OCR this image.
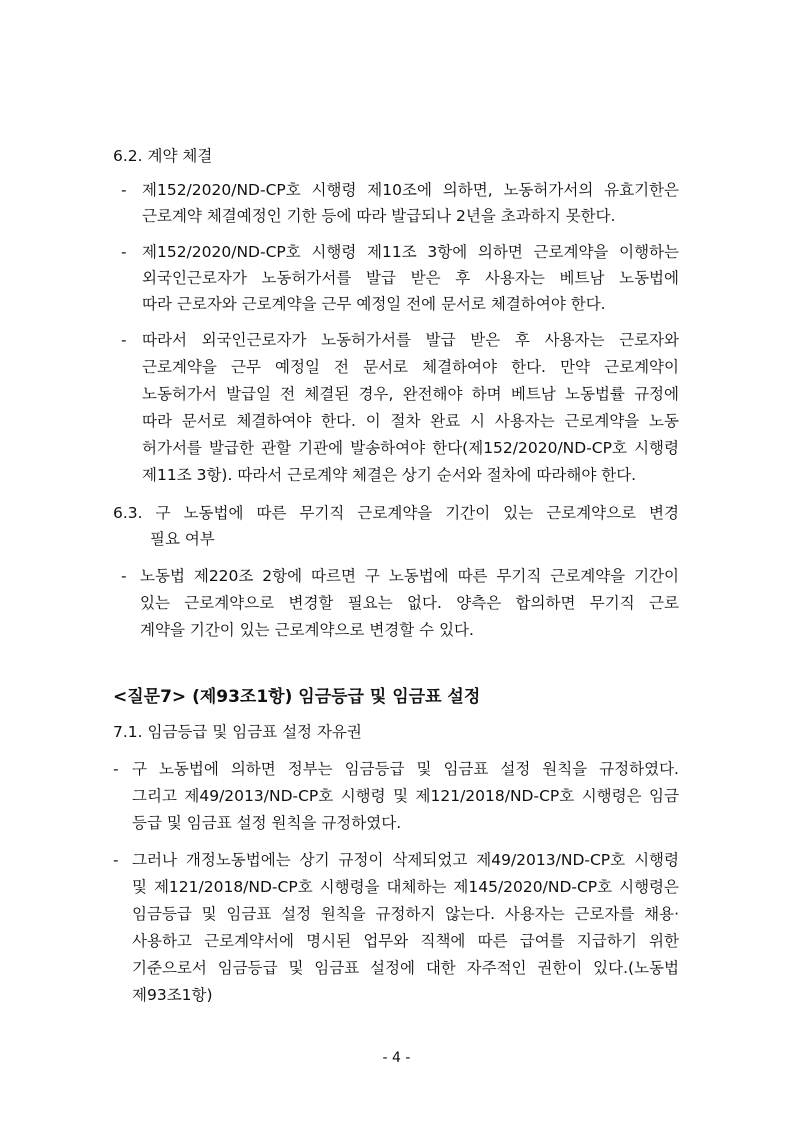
6.2. 계약 체결
- 제152/2020/ND-CP호 시행령 제10조에 의하면, 노동허가서의 유효기한은
근로계약 체결예정인 기한 등에 따라 발급되나 2년을 초과하지 못한다.
- 제152/2020/ND-CP호 시행령 제11조 3항에 의하면 근로계약을 이행하는
외국인근로자가 노동허가서를 발급 받은 후 사용자는 베트남 노동법에
따라 근로자와 근로계약을 근무 예정일 전에 문서로 체결하여야 한다.
- 따라서 외국인근로자가 노동허가서를 발급 받은 후 사용자는 근로자와
근로계약을 근무 예정일 전 문서로 체결하여야 한다. 만약 근로계약이
노동허가서 발급일 전 체결된 경우, 완전해야 하며 베트남 노동법률 규정에
따라 문서로 체결하여야 한다. 이 절차 완료 시 사용자는 근로계약을 노동
허가서를 발급한 관할 기관에 발송하여야 한다(제152/2020/ND-CP호 시행령
제11조 3항). 따라서 근로계약 체결은 상기 순서와 절차에 따라해야 한다.
6.3. 구 노동법에 따른 무기직 근로계약을 기간이 있는 근로계약으로 변경
필요 여부
- 노동법 제220조 2항에 따르면 구 노동법에 따른 무기직 근로계약을 기간이
있는 근로계약으로 변경할 필요는 없다. 양측은 합의하면 무기직 근로
계약을 기간이 있는 근로계약으로 변경할 수 있다.
<질문7> (제93조1항) 임금등급 및 임금표 설정
7.1. 임금등급 및 임금표 설정 자유권
- 구 노동법에 의하면 정부는 임금등급 및 임금표 설정 원칙을 규정하였다.
그리고 제49/2013/ND-CP호 시행령 및 제121/2018/ND-CP호 시행령은 임금
등급 및 임금표 설정 원칙을 규정하였다.
- 그러나 개정노동법에는 상기 규정이 삭제되었고 제49/2013/ND-CP호 시행령
및 제121/2018/ND-CP호 시행령을 대체하는 제145/2020/ND-CP호 시행령은
임금등급 및 임금표 설정 원칙을 규정하지 않는다. 사용자는 근로자를 채용·
사용하고 근로계약서에 명시된 업무와 직책에 따른 급여를 지급하기 위한
기준으로서 임금등급 및 임금표 설정에 대한 자주적인 권한이 있다.(노동법
제93조1항)
- 4 -
